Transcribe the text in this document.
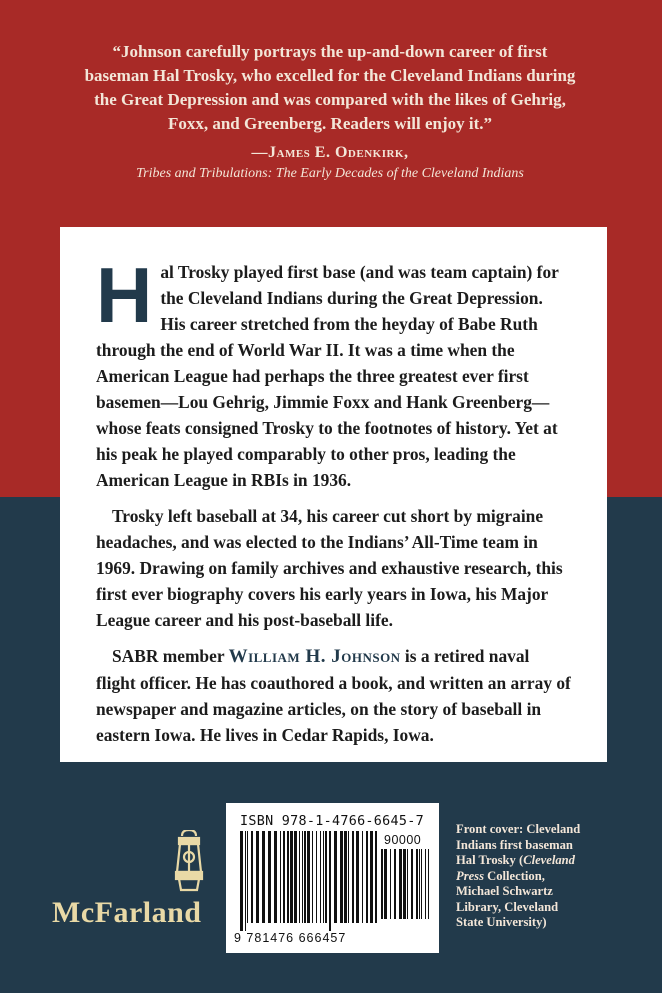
“Johnson carefully portrays the up-and-down career of first baseman Hal Trosky, who excelled for the Cleveland Indians during the Great Depression and was compared with the likes of Gehrig, Foxx, and Greenberg. Readers will enjoy it.”

—James E. Odenkirk,

Tribes and Tribulations: The Early Decades of the Cleveland Indians

Hal Trosky played first base (and was team captain) for the Cleveland Indians during the Great Depression. His career stretched from the heyday of Babe Ruth through the end of World War II. It was a time when the American League had perhaps the three greatest ever first basemen—Lou Gehrig, Jimmie Foxx and Hank Greenberg—whose feats consigned Trosky to the footnotes of history. Yet at his peak he played comparably to other pros, leading the American League in RBIs in 1936.

Trosky left baseball at 34, his career cut short by migraine headaches, and was elected to the Indians’ All-Time team in 1969. Drawing on family archives and exhaustive research, this first ever biography covers his early years in Iowa, his Major League career and his post-baseball life.

SABR member William H. Johnson is a retired naval flight officer. He has coauthored a book, and written an array of newspaper and magazine articles, on the story of baseball in eastern Iowa. He lives in Cedar Rapids, Iowa.

McFarland
ISBN 978-1-4766-6645-7
90000
9 781476 666457

Front cover: Cleveland Indians first baseman Hal Trosky (Cleveland Press Collection, Michael Schwartz Library, Cleveland State University)
